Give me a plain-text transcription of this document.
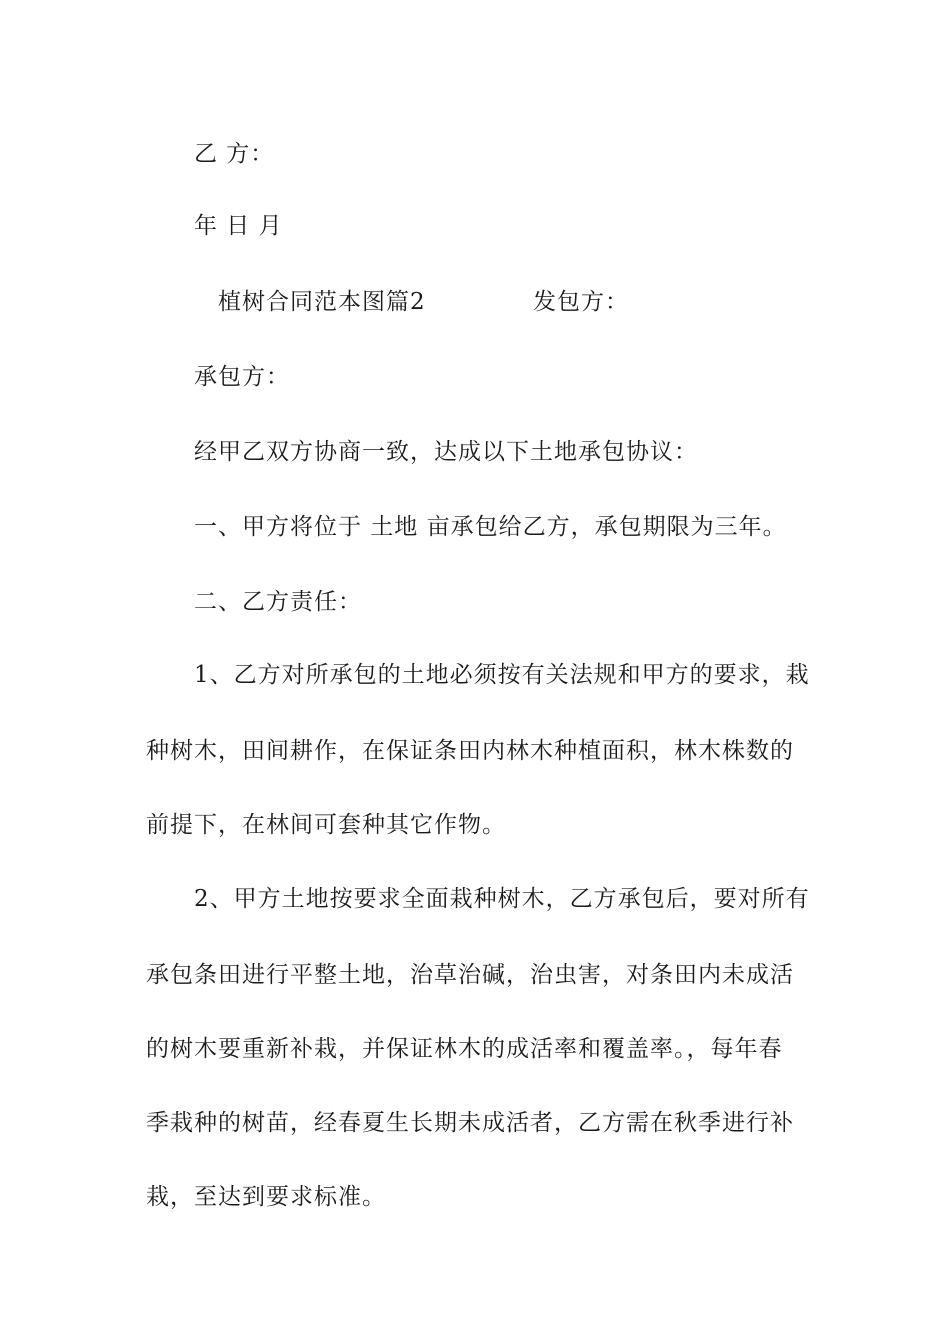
乙 方：
年 日 月
植树合同范本图篇2	发包方：
承包方：
经甲乙双方协商一致，达成以下土地承包协议：
一、甲方将位于 土地 亩承包给乙方，承包期限为三年。
二、乙方责任：
1、乙方对所承包的土地必须按有关法规和甲方的要求，栽
种树木，田间耕作，在保证条田内林木种植面积，林木株数的
前提下，在林间可套种其它作物。
2、甲方土地按要求全面栽种树木，乙方承包后，要对所有
承包条田进行平整土地，治草治碱，治虫害，对条田内未成活
的树木要重新补栽，并保证林木的成活率和覆盖率。，每年春
季栽种的树苗，经春夏生长期未成活者，乙方需在秋季进行补
栽，至达到要求标准。
